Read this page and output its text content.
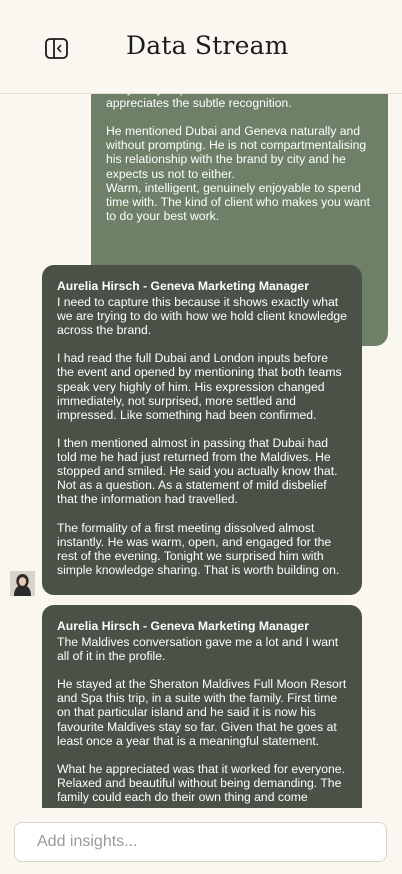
Data Stream

appreciates the subtle recognition.

He mentioned Dubai and Geneva naturally and without prompting. He is not compartmentalising his relationship with the brand by city and he expects us not to either.

Warm, intelligent, genuinely enjoyable to spend time with. The kind of client who makes you want to do your best work.

Aurelia Hirsch - Geneva Marketing Manager

I need to capture this because it shows exactly what we are trying to do with how we hold client knowledge across the brand.

I had read the full Dubai and London inputs before the event and opened by mentioning that both teams speak very highly of him. His expression changed immediately, not surprised, more settled and impressed. Like something had been confirmed.

I then mentioned almost in passing that Dubai had told me he had just returned from the Maldives. He stopped and smiled. He said you actually know that. Not as a question. As a statement of mild disbelief that the information had travelled.

The formality of a first meeting dissolved almost instantly. He was warm, open, and engaged for the rest of the evening. Tonight we surprised him with simple knowledge sharing. That is worth building on.

Aurelia Hirsch - Geneva Marketing Manager

The Maldives conversation gave me a lot and I want all of it in the profile.

He stayed at the Sheraton Maldives Full Moon Resort and Spa this trip, in a suite with the family. First time on that particular island and he said it is now his favourite Maldives stay so far. Given that he goes at least once a year that is a meaningful statement.

What he appreciated was that it worked for everyone. Relaxed and beautiful without being demanding. The family could each do their own thing and come

Add insights...
